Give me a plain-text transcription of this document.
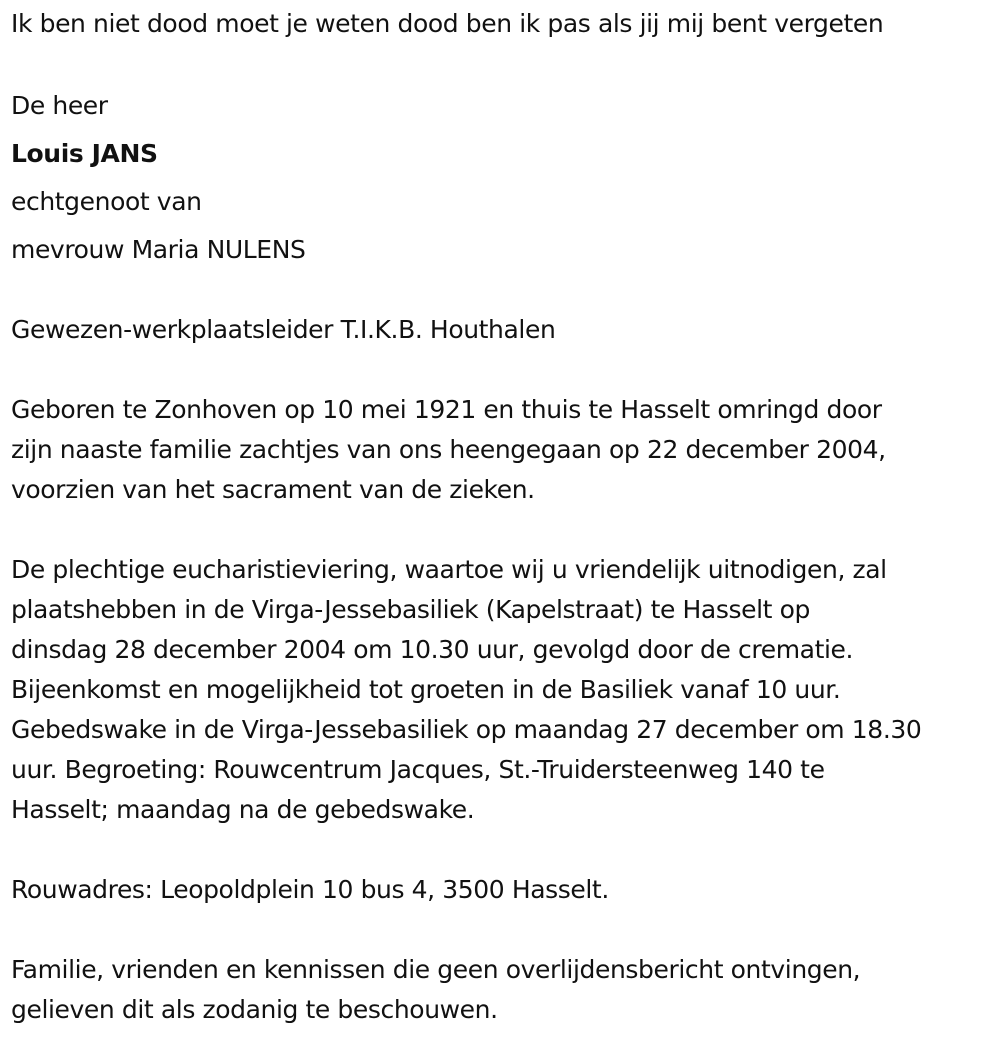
Ik ben niet dood moet je weten dood ben ik pas als jij mij bent vergeten

De heer

Louis JANS

echtgenoot van

mevrouw Maria NULENS

Gewezen-werkplaatsleider T.I.K.B. Houthalen

Geboren te Zonhoven op 10 mei 1921 en thuis te Hasselt omringd door

zijn naaste familie zachtjes van ons heengegaan op 22 december 2004,

voorzien van het sacrament van de zieken.

De plechtige eucharistieviering, waartoe wij u vriendelijk uitnodigen, zal

plaatshebben in de Virga-Jessebasiliek (Kapelstraat) te Hasselt op

dinsdag 28 december 2004 om 10.30 uur, gevolgd door de crematie.

Bijeenkomst en mogelijkheid tot groeten in de Basiliek vanaf 10 uur.

Gebedswake in de Virga-Jessebasiliek op maandag 27 december om 18.30

uur. Begroeting: Rouwcentrum Jacques, St.-Truidersteenweg 140 te

Hasselt; maandag na de gebedswake.

Rouwadres: Leopoldplein 10 bus 4, 3500 Hasselt.

Familie, vrienden en kennissen die geen overlijdensbericht ontvingen,

gelieven dit als zodanig te beschouwen.
